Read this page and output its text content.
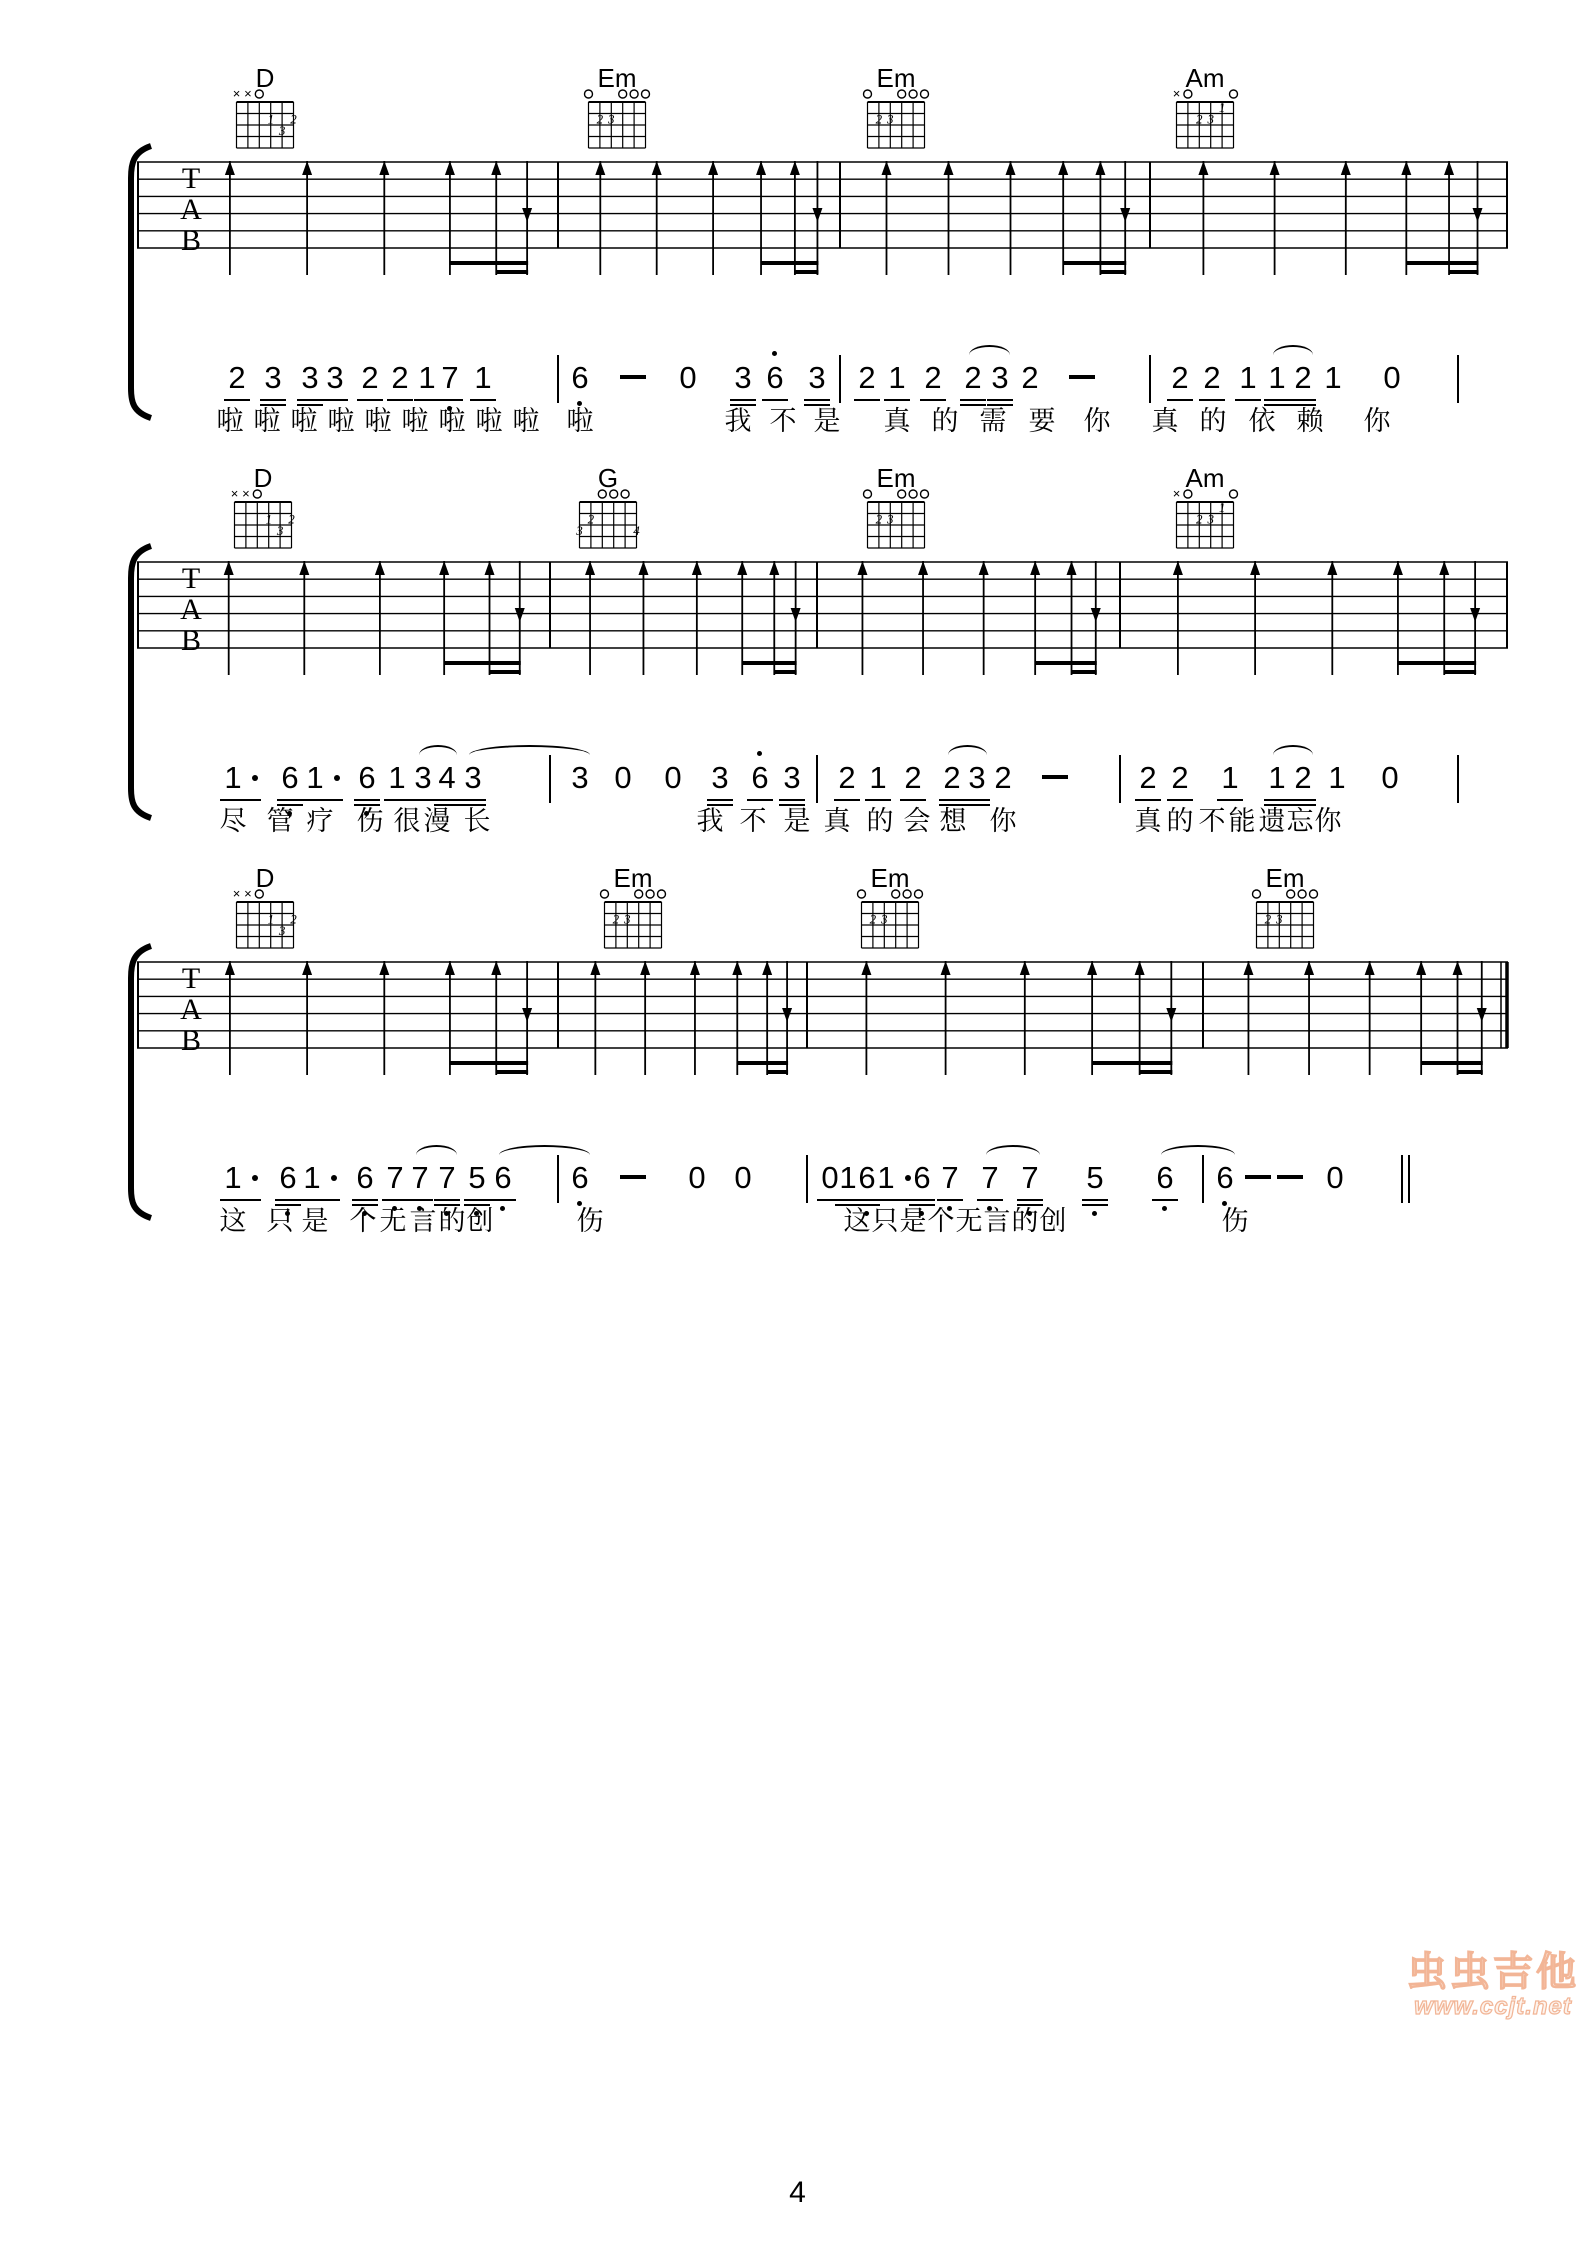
T
A
B
D
× ×
1 2
3
Em
2 3
Em
2 3
Am
×
1
2 3
T
A
B
D
× ×
1 2
3
G
2
3	4
Em
2 3
Am
×
1
2 3
T
A
B
D
× ×
1 2
3
Em
2 3
Em
2 3
Em
2 3
2 3 3 3 2 2 1 7 1	6	0 3 6 3 2 1 2 2 3 2	2 2 1 1 2 1 0
啦 啦 啦 啦 啦 啦 啦 啦 啦 啦	我 不 是 真 的 需 要 你 真 的 依 赖 你
1 6 1 6 1 3 4 3	3 0 0 3 6 3 2 1 2 2 3 2	2 2 1 1 2 1 0
尽 管 疗 伤 很 漫 长	我 不 是 真 的 会 想 你	真 的 不 能 遗 忘 你
1 6 1 6 7 7 7 5 6 6	0 0 0 1 6 1 6 7 7 7 5 6 6	0
这 只 是 个 无 言 的 创	伤	这 只 是 个 无 言 的 创	伤
虫虫吉他
www.ccjt.net
4
